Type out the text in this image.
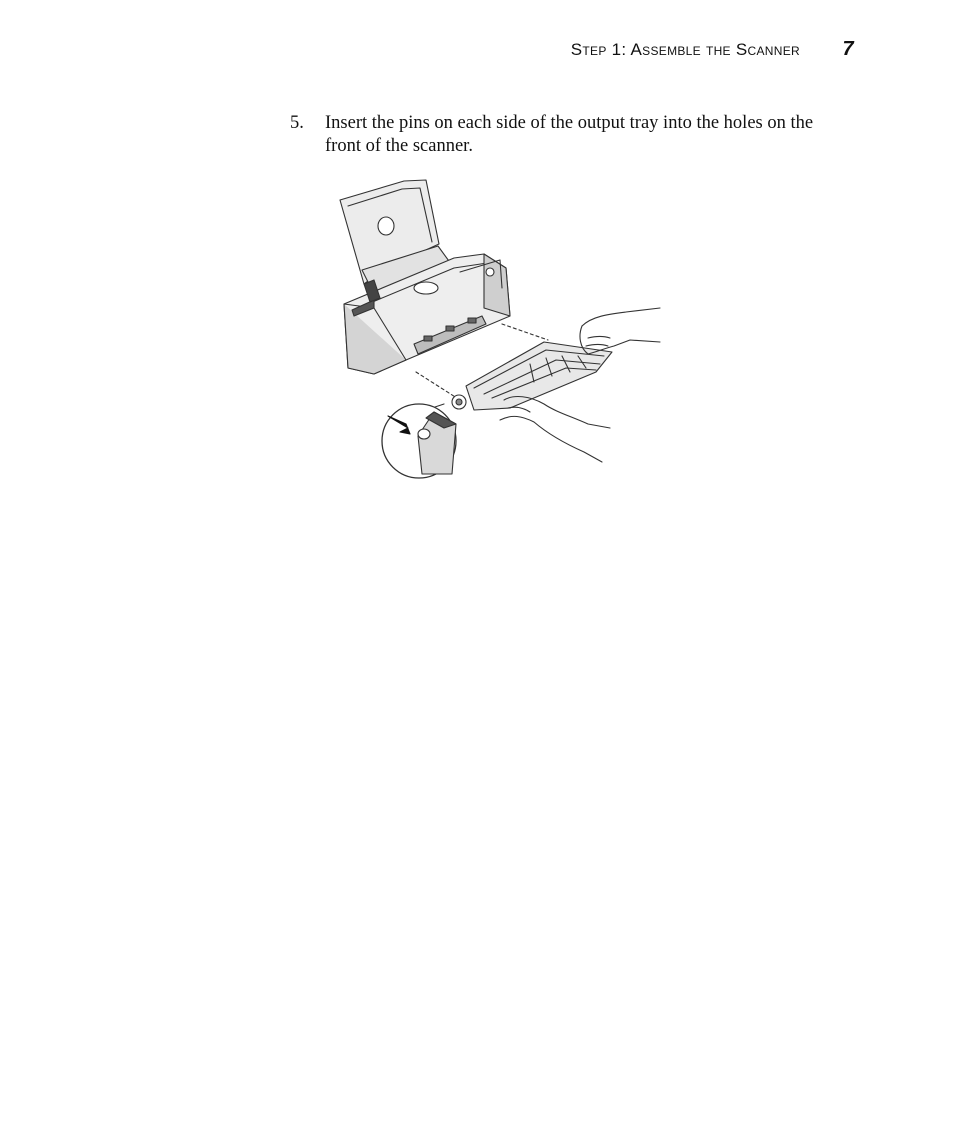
Step 1: Assemble the Scanner 7
5. Insert the pins on each side of the output tray into the holes on the front of the scanner.
